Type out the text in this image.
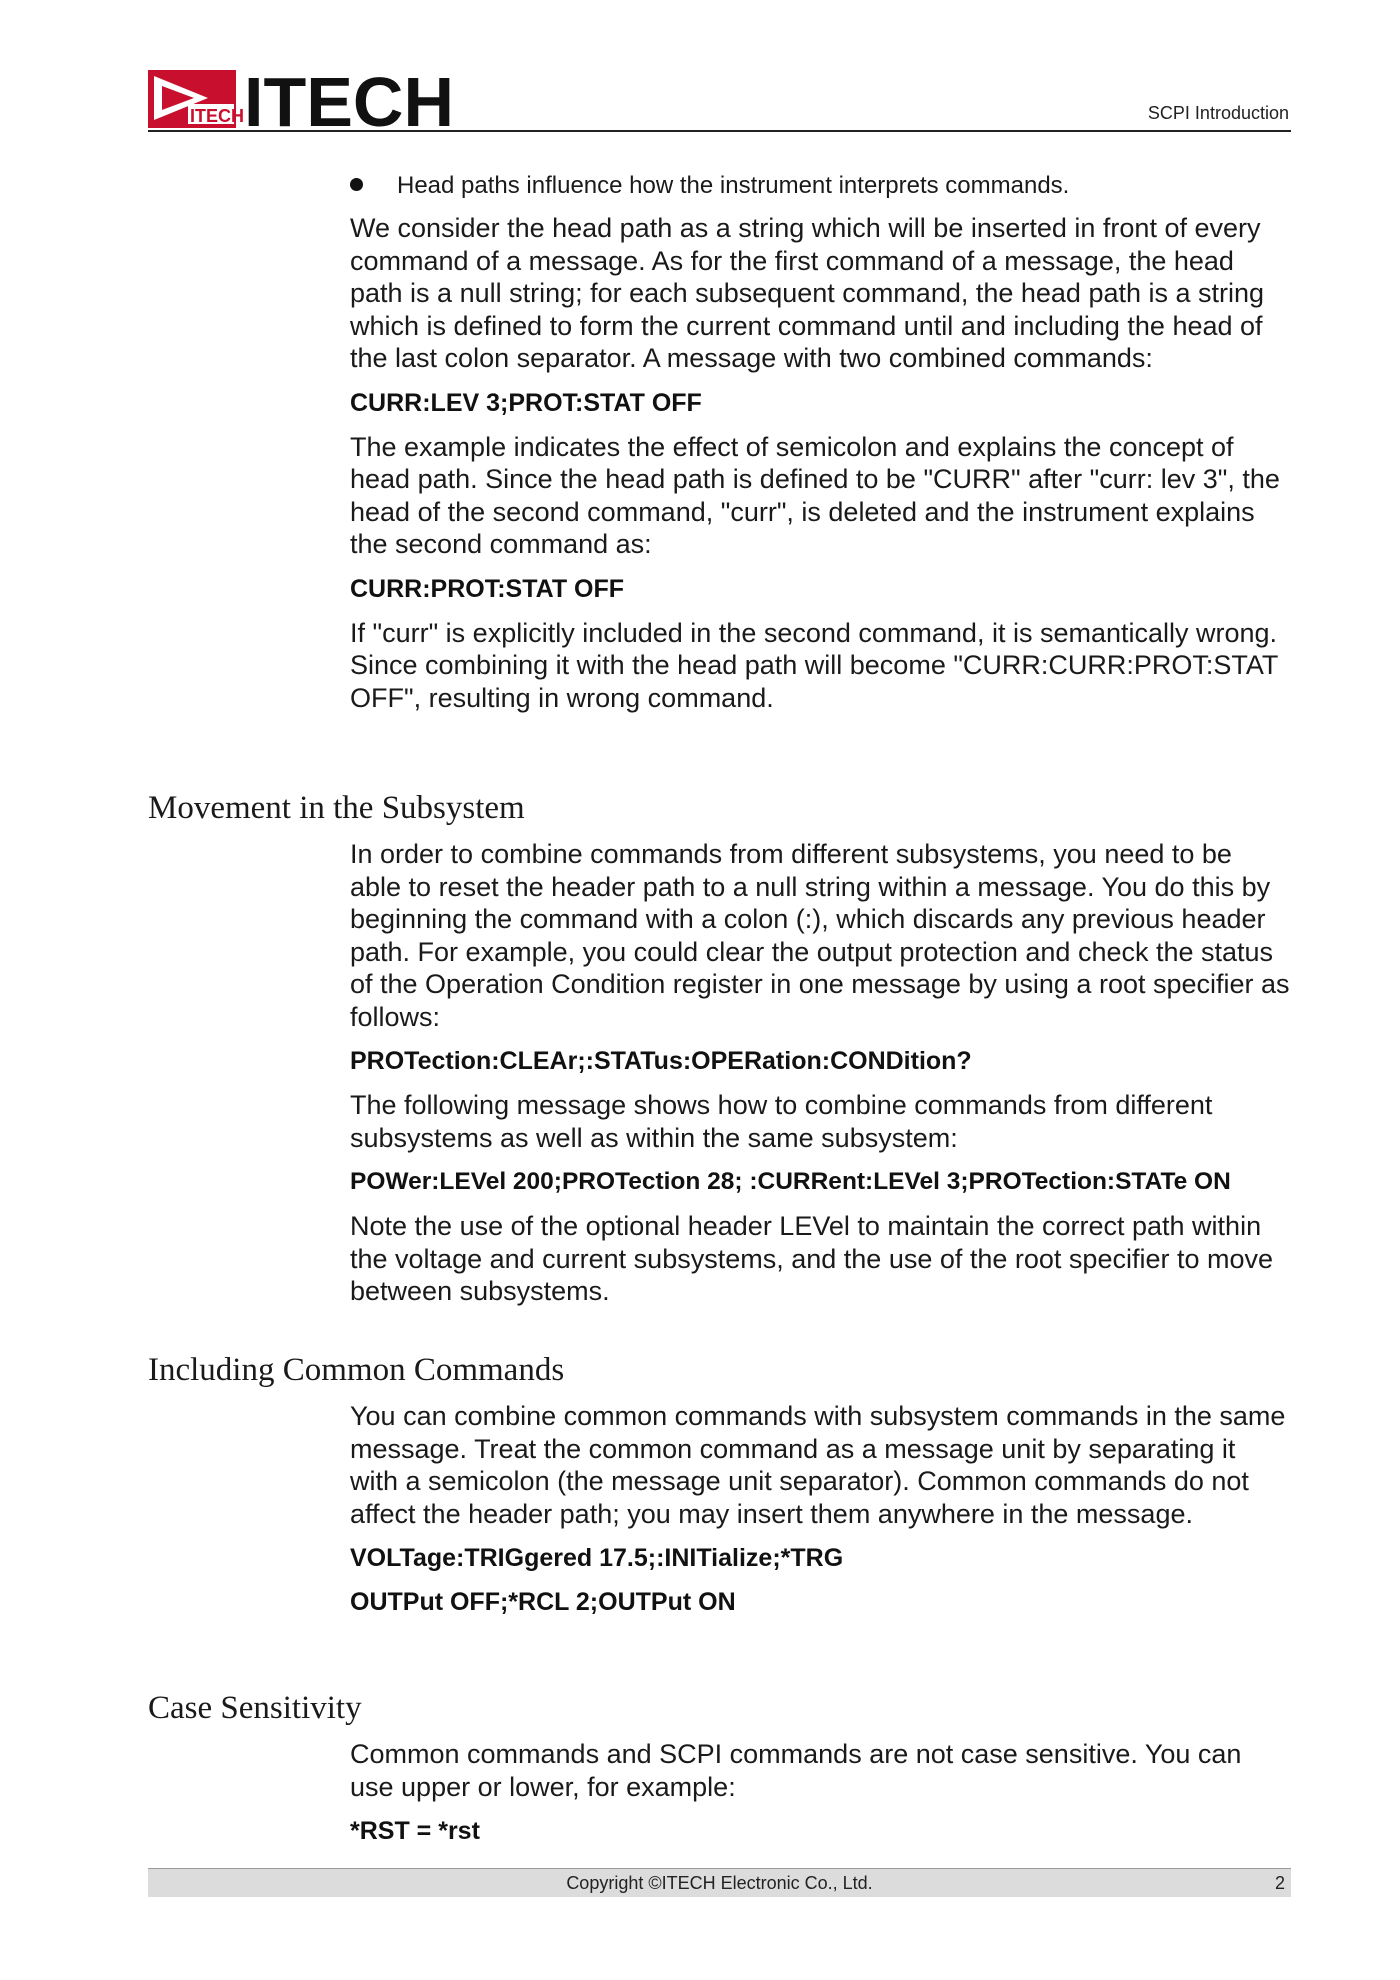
ITECH ITECH	SCPI Introduction
Head paths influence how the instrument interprets commands.

We consider the head path as a string which will be inserted in front of every command of a message. As for the first command of a message, the head path is a null string; for each subsequent command, the head path is a string which is defined to form the current command until and including the head of the last colon separator. A message with two combined commands:

CURR:LEV 3;PROT:STAT OFF

The example indicates the effect of semicolon and explains the concept of head path. Since the head path is defined to be "CURR" after "curr: lev 3", the head of the second command, "curr", is deleted and the instrument explains the second command as:

CURR:PROT:STAT OFF

If "curr" is explicitly included in the second command, it is semantically wrong. Since combining it with the head path will become "CURR:CURR:PROT:STAT OFF", resulting in wrong command.

Movement in the Subsystem

In order to combine commands from different subsystems, you need to be able to reset the header path to a null string within a message. You do this by beginning the command with a colon (:), which discards any previous header path. For example, you could clear the output protection and check the status of the Operation Condition register in one message by using a root specifier as follows:

PROTection:CLEAr;:STATus:OPERation:CONDition?

The following message shows how to combine commands from different subsystems as well as within the same subsystem:

POWer:LEVel 200;PROTection 28; :CURRent:LEVel 3;PROTection:STATe ON

Note the use of the optional header LEVel to maintain the correct path within the voltage and current subsystems, and the use of the root specifier to move between subsystems.

Including Common Commands

You can combine common commands with subsystem commands in the same message. Treat the common command as a message unit by separating it with a semicolon (the message unit separator). Common commands do not affect the header path; you may insert them anywhere in the message.

VOLTage:TRIGgered 17.5;:INITialize;*TRG

OUTPut OFF;*RCL 2;OUTPut ON

Case Sensitivity

Common commands and SCPI commands are not case sensitive. You can use upper or lower, for example:

*RST = *rst

Copyright ©ITECH Electronic Co., Ltd.	2
